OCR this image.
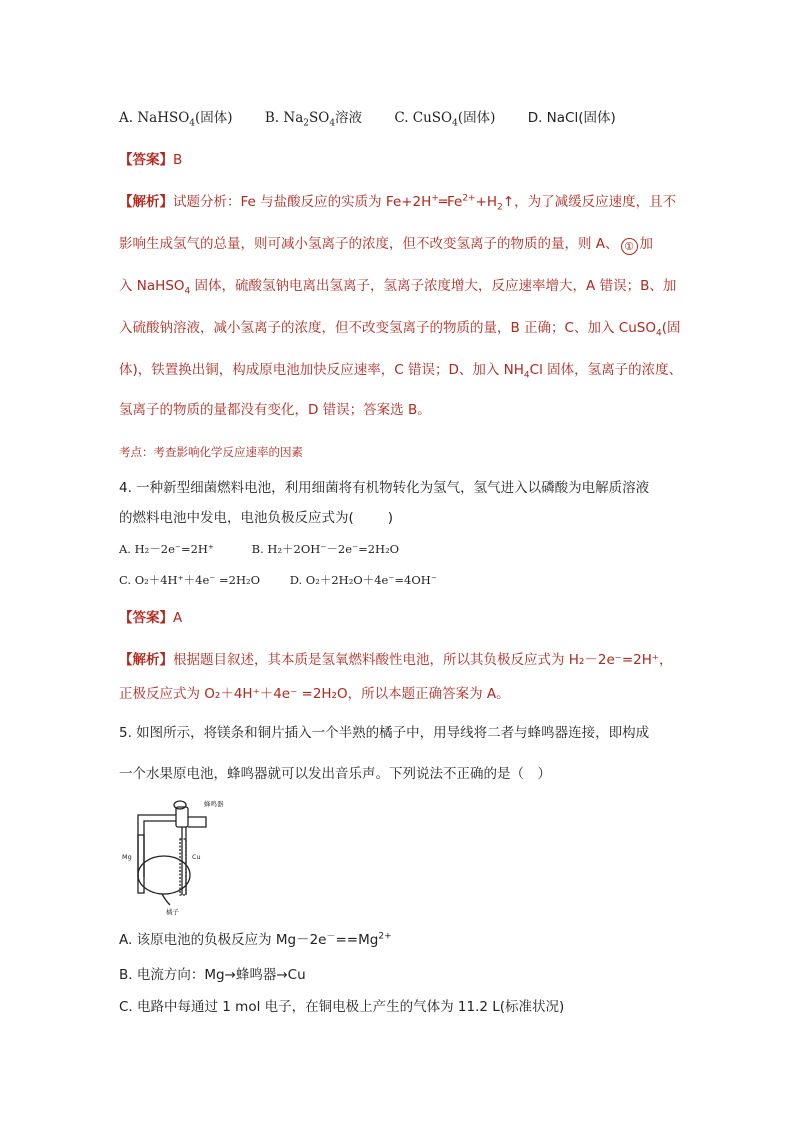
A. NaHSO$_4$(固体) B. $Na_2SO_4$溶液 C. CuSO$_4$(固体) D. NaCl(固体)
【答案】B
【解析】试题分析：Fe 与盐酸反应的实质为 $Fe+2H^+═Fe^{2+}+H_2↑$，为了减缓反应速度，且不
影响生成氢气的总量，则可减小氢离子的浓度，但不改变氢离子的物质的量，则 A、 ① 加
入 NaHSO$_4$ 固体，硫酸氢钠电离出氢离子，氢离子浓度增大，反应速率增大，A 错误；B、加
入硫酸钠溶液，减小氢离子的浓度，但不改变氢离子的物质的量，B 正确；C、加入 CuSO$_4$(固
体)，铁置换出铜，构成原电池加快反应速率，C 错误；D、加入 $NH_4Cl$ 固体，氢离子的浓度、
氢离子的物质的量都没有变化，D 错误；答案选 B。
考点：考查影响化学反应速率的因素
4. 一种新型细菌燃料电池，利用细菌将有机物转化为氢气，氢气进入以磷酸为电解质溶液
的燃料电池中发电，电池负极反应式为(	)
A. H₂－2e⁻=2H⁺	B. H₂＋2OH⁻－2e⁻=2H₂O
C. O₂＋4H⁺＋4e⁻ =2H₂O	D. O₂＋2H₂O＋4e⁻=4OH⁻
【答案】A
【解析】根据题目叙述，其本质是氢氧燃料酸性电池，所以其负极反应式为 H₂－2e⁻=2H⁺，
正极反应式为 O₂＋4H⁺＋4e⁻ =2H₂O，所以本题正确答案为 A。
5. 如图所示，将镁条和铜片插入一个半熟的橘子中，用导线将二者与蜂鸣器连接，即构成
一个水果原电池，蜂鸣器就可以发出音乐声。下列说法不正确的是（　）
蜂鸣器
Mg	Cu
橘子
A. 该原电池的负极反应为 $Mg-2e^-==Mg^{2+}$
B. 电流方向：Mg→蜂鸣器→Cu
C. 电路中每通过 1 mol 电子，在铜电极上产生的气体为 11.2 L(标准状况)
